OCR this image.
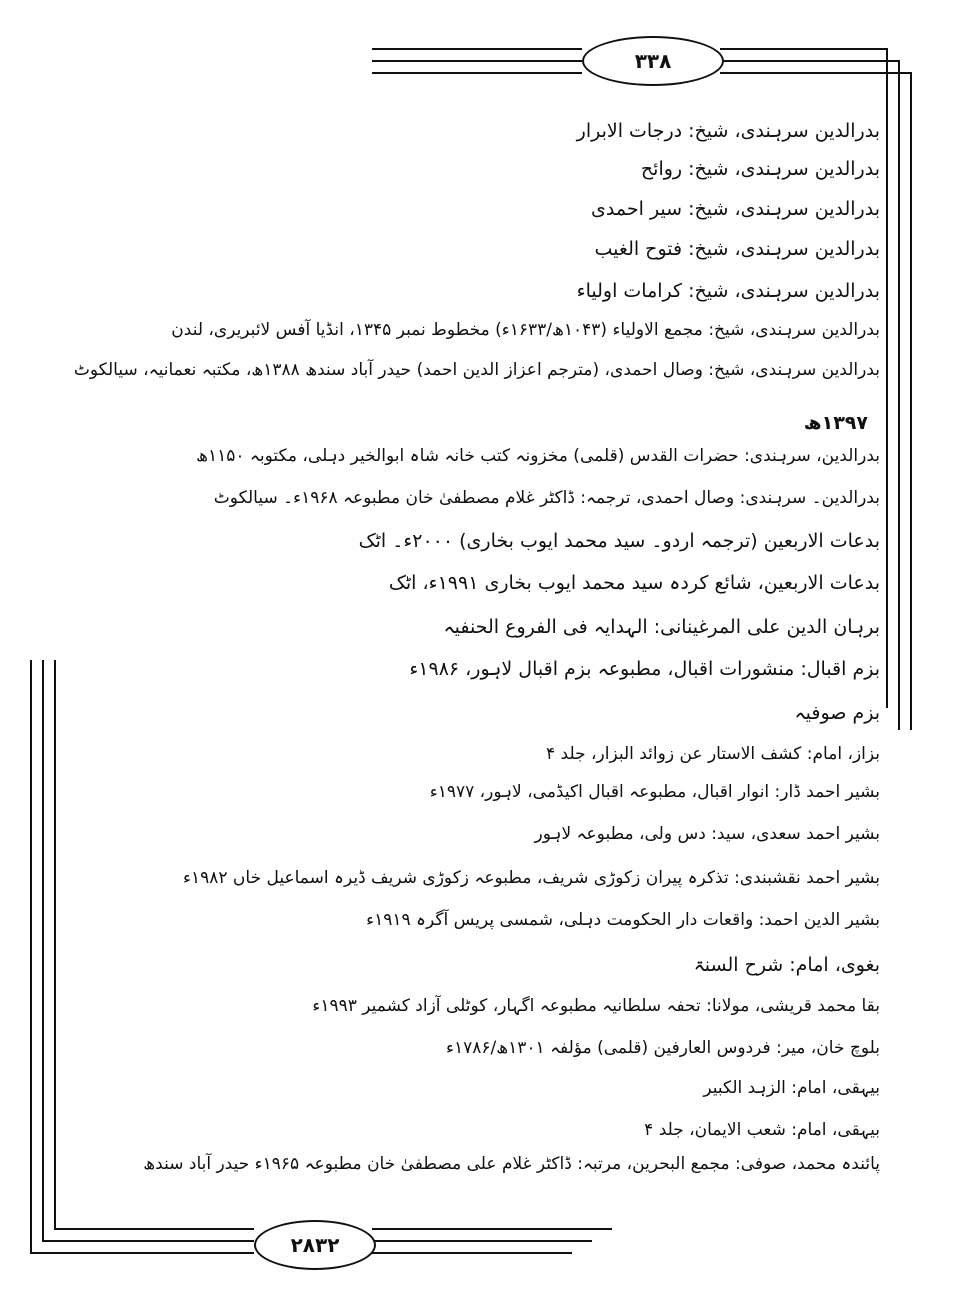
۳۳۸
۲۸۳۲
بدرالدین سرہندی، شیخ: درجات الابرار
بدرالدین سرہندی، شیخ: روائح
بدرالدین سرہندی، شیخ: سیر احمدی
بدرالدین سرہندی، شیخ: فتوح الغیب
بدرالدین سرہندی، شیخ: کرامات اولیاء
بدرالدین سرہندی، شیخ: مجمع الاولیاء (۱۰۴۳ھ/۱۶۳۳ء) مخطوط نمبر ۱۳۴۵، انڈیا آفس لائبریری، لندن
بدرالدین سرہندی، شیخ: وصال احمدی، (مترجم اعزاز الدین احمد) حیدر آباد سندھ ۱۳۸۸ھ، مکتبہ نعمانیہ، سیالکوٹ
۱۳۹۷ھ
بدرالدین، سرہندی: حضرات القدس (قلمی) مخزونہ کتب خانہ شاہ ابوالخیر دہلی، مکتوبہ ۱۱۵۰ھ
بدرالدین۔ سرہندی: وصال احمدی، ترجمہ: ڈاکٹر غلام مصطفیٰ خان مطبوعہ ۱۹۶۸ء۔ سیالکوٹ
بدعات الاربعین (ترجمہ اردو۔ سید محمد ایوب بخاری) ۲۰۰۰ء۔ اٹک
بدعات الاربعین، شائع کردہ سید محمد ایوب بخاری ۱۹۹۱ء، اٹک
برہان الدین علی المرغینانی: الہدایہ فی الفروع الحنفیہ
بزم اقبال: منشورات اقبال، مطبوعہ بزم اقبال لاہور، ۱۹۸۶ء
بزم صوفیہ
بزاز، امام: کشف الاستار عن زوائد البزار، جلد ۴
بشیر احمد ڈار: انوار اقبال، مطبوعہ اقبال اکیڈمی، لاہور، ۱۹۷۷ء
بشیر احمد سعدی، سید: دس ولی، مطبوعہ لاہور
بشیر احمد نقشبندی: تذکرہ پیران زکوڑی شریف، مطبوعہ زکوڑی شریف ڈیرہ اسماعیل خاں ۱۹۸۲ء
بشیر الدین احمد: واقعات دار الحکومت دہلی، شمسی پریس آگرہ ۱۹۱۹ء
بغوی، امام: شرح السنۃ
بقا محمد قریشی، مولانا: تحفہ سلطانیہ مطبوعہ اگہار، کوٹلی آزاد کشمیر ۱۹۹۳ء
بلوچ خان، میر: فردوس العارفین (قلمی) مؤلفہ ۱۳۰۱ھ/۱۷۸۶ء
بیہقی، امام: الزہد الکبیر
بیہقی، امام: شعب الایمان، جلد ۴
پائندہ محمد، صوفی: مجمع البحرین، مرتبہ: ڈاکٹر غلام علی مصطفیٰ خان مطبوعہ ۱۹۶۵ء حیدر آباد سندھ
